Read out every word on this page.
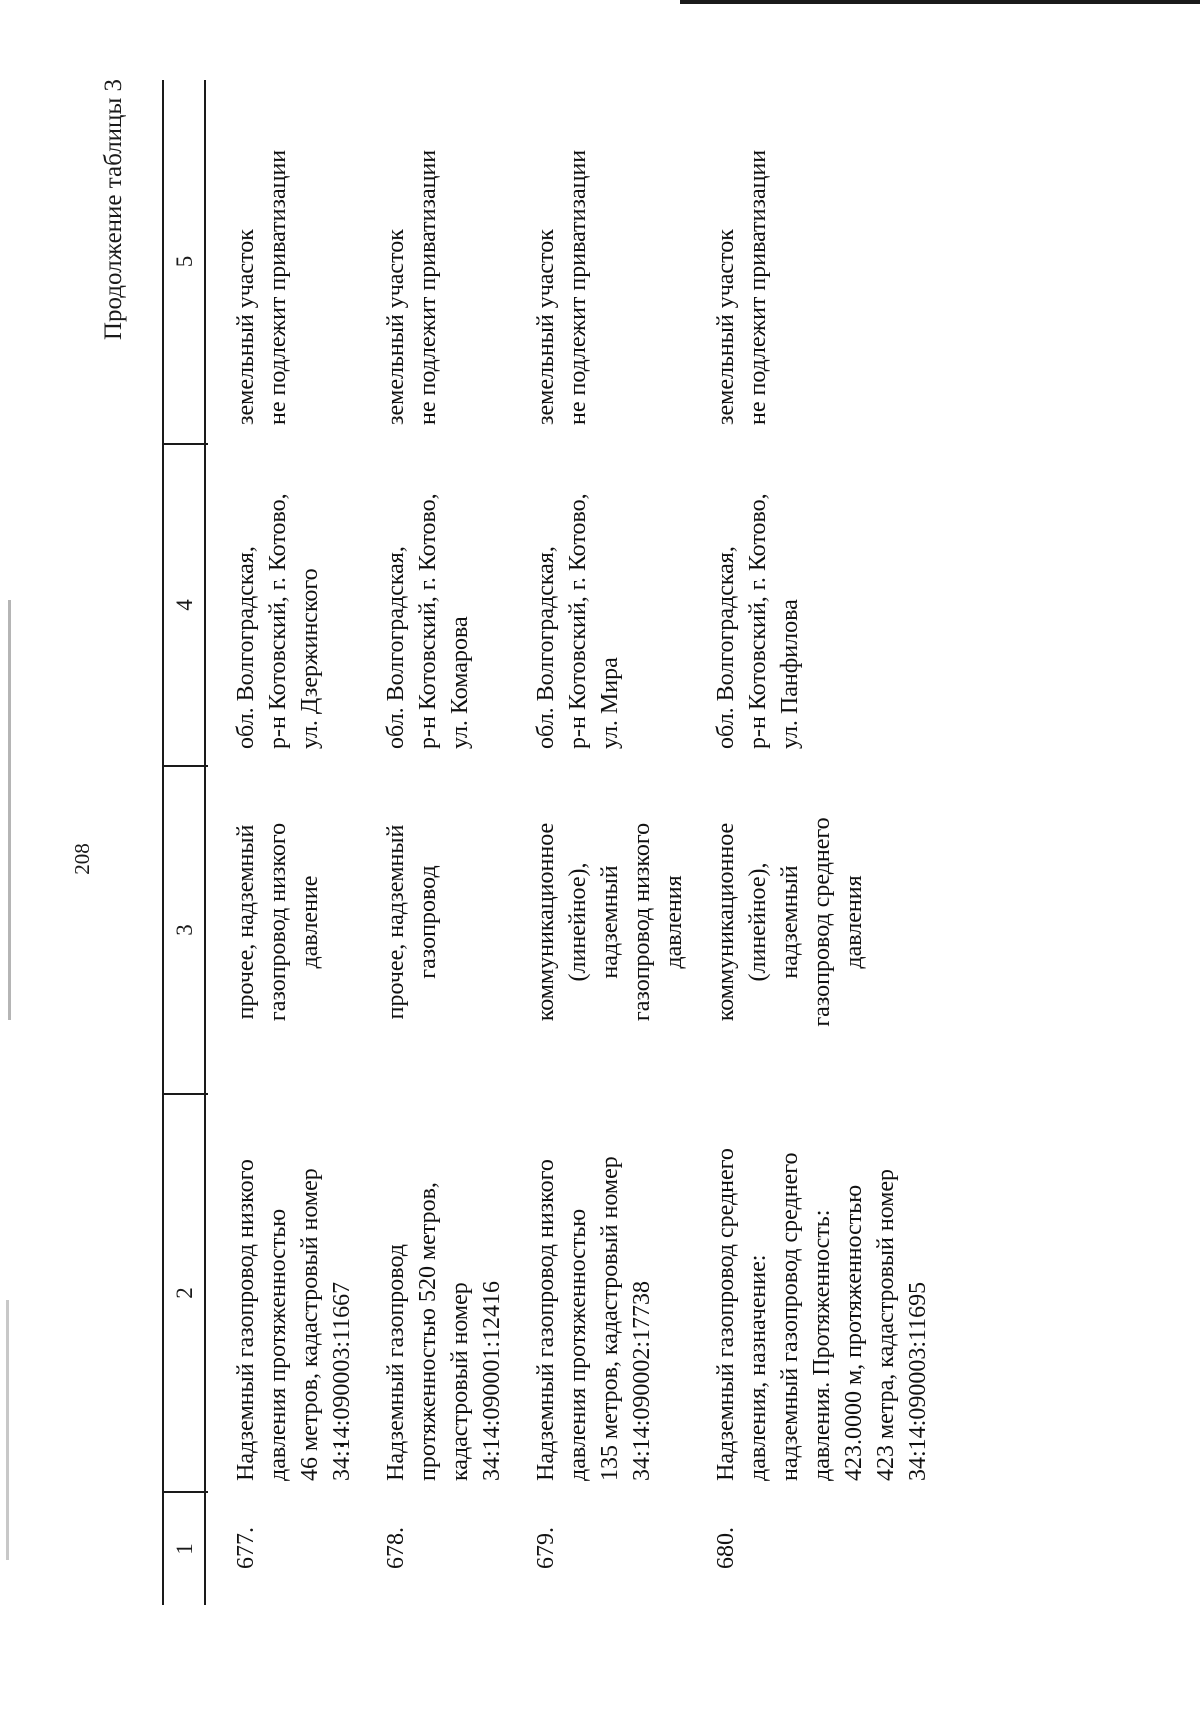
208
Продолжение таблицы 3
1
2
3
4
5
677.
Надземный газопровод низкого
давления протяженностью
46 метров, кадастровый номер
34:14:090003:11667
прочее, надземный
газопровод низкого
давление
обл. Волгоградская,
р-н Котовский, г. Котово,
ул. Дзержинского
земельный участок
не подлежит приватизации
678.
Надземный газопровод
протяженностью 520 метров,
кадастровый номер
34:14:090001:12416
прочее, надземный
газопровод
обл. Волгоградская,
р-н Котовский, г. Котово,
ул. Комарова
земельный участок
не подлежит приватизации
679.
Надземный газопровод низкого
давления протяженностью
135 метров, кадастровый номер
34:14:090002:17738
коммуникационное
(линейное),
надземный
газопровод низкого
давления
обл. Волгоградская,
р-н Котовский, г. Котово,
ул. Мира
земельный участок
не подлежит приватизации
680.
Надземный газопровод среднего
давления, назначение:
надземный газопровод среднего
давления. Протяженность:
423.0000 м, протяженностью
423 метра, кадастровый номер
34:14:090003:11695
коммуникационное
(линейное),
надземный
газопровод среднего
давления
обл. Волгоградская,
р-н Котовский, г. Котово,
ул. Панфилова
земельный участок
не подлежит приватизации
